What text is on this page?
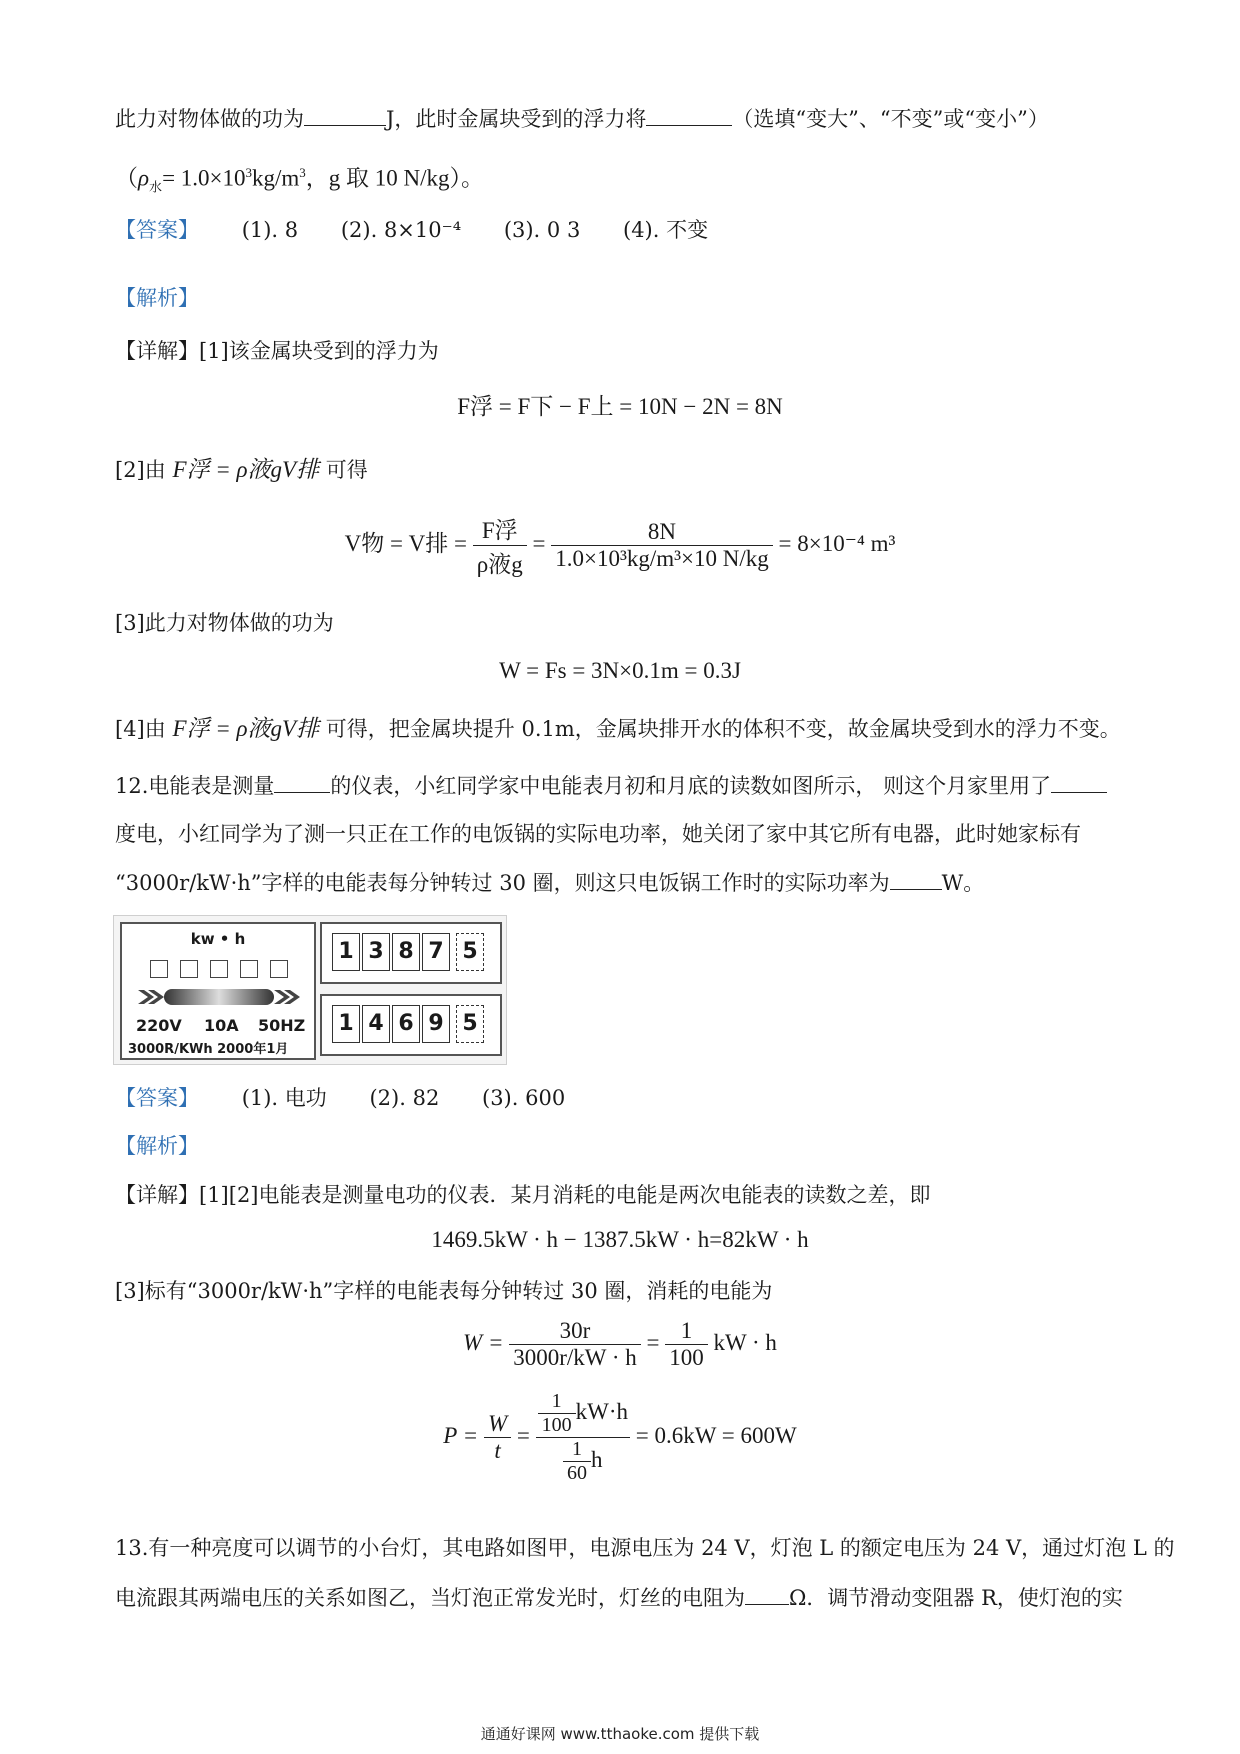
此力对物体做的功为	J，此时金属块受到的浮力将	（选填“变大”、“不变”或“变小”）
（$\rho_水= 1.0\times 10^3kg/m^3$，g 取 10 N/kg）。
【答案】 (1). 8 (2). 8×10⁻⁴ (3). 0 3 (4). 不变
【解析】
【详解】[1]该金属块受到的浮力为
F浮 = F下 − F上 = 10N − 2N = 8N
[2]由 F浮 = ρ液gV排 可得
V物 = V排 = $\frac{\text{F浮}}{\text{ρ液g}} = \frac{8N}{\text{1.0×10³kg/m³×10 N/kg}} = 8\times 10^{-4}$ m³
[3]此力对物体做的功为
W = Fs = 3N×0.1m = 0.3J
[4]由 F浮 = ρ液gV排 可得，把金属块提升 0.1m，金属块排开水的体积不变，故金属块受到水的浮力不变。
12.电能表是测量	的仪表，小红同学家中电能表月初和月底的读数如图所示， 则这个月家里用了
度电，小红同学为了测一只正在工作的电饭锅的实际电功率，她关闭了家中其它所有电器，此时她家标有
“3000r/kW·h”字样的电能表每分钟转过 30 圈，则这只电饭锅工作时的实际功率为 W。
kw • h
220V 10A 50HZ
3000R/KWh 2000年1月
1 3 8 7 5
1 4 6 9 5
【答案】 (1). 电功 (2). 82 (3). 600
【解析】
【详解】[1][2]电能表是测量电功的仪表．某月消耗的电能是两次电能表的读数之差，即
1469.5kW · h − 1387.5kW · h=82kW · h
[3]标有“3000r/kW·h”字样的电能表每分钟转过 30 圈，消耗的电能为
$W = \frac{30r}{3000r/kW \cdot h} = \frac{1}{100}$ kW · h
$P = \frac{W}{t} = \frac{\frac{1}{100} kW\cdot h}{\frac{1}{60} h} = 0.6kW = 600W$
13.有一种亮度可以调节的小台灯，其电路如图甲，电源电压为 24 V，灯泡 L 的额定电压为 24 V，通过灯泡 L 的
电流跟其两端电压的关系如图乙，当灯泡正常发光时，灯丝的电阻为 Ω．调节滑动变阻器 R，使灯泡的实
通通好课网 www.tthaoke.com 提供下载
